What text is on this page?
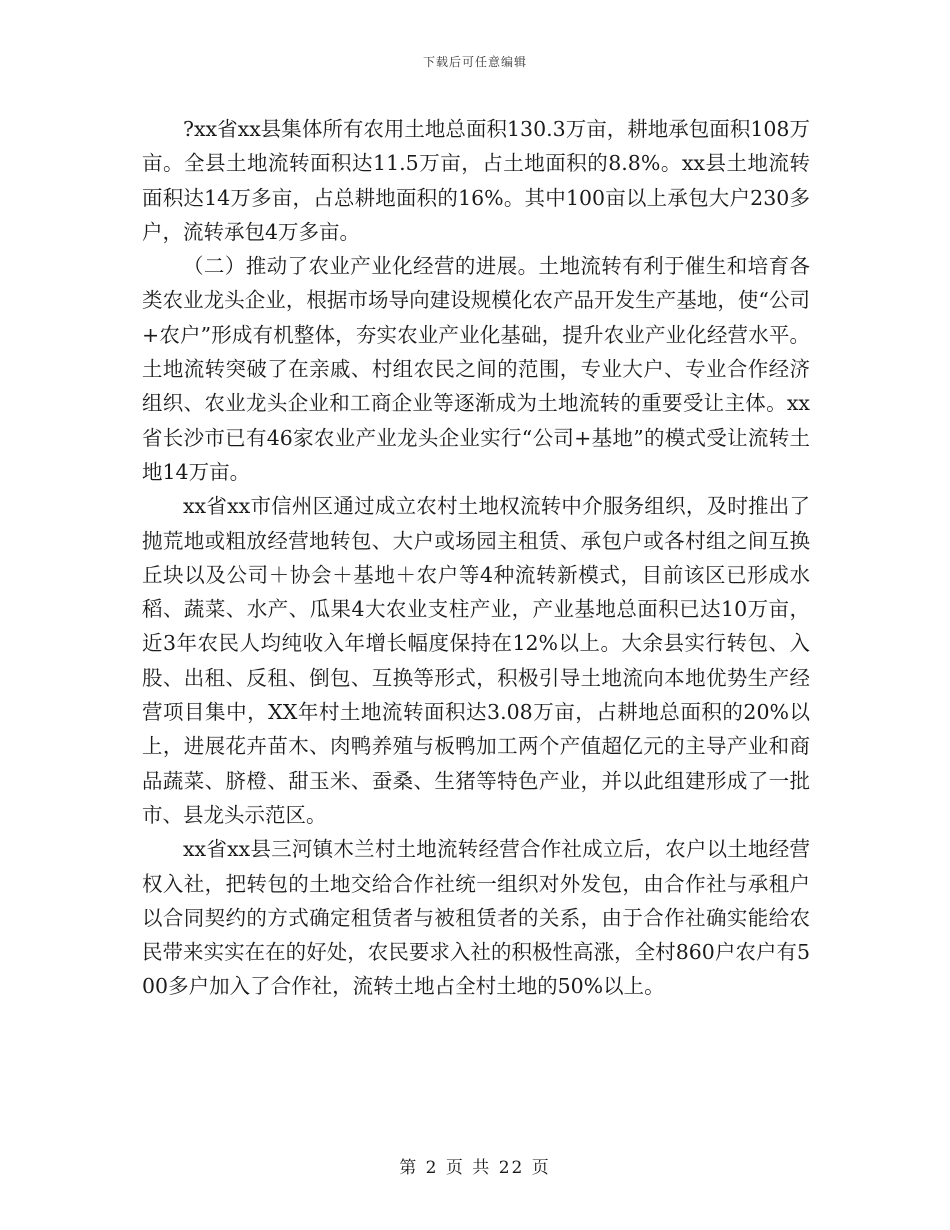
下载后可任意编辑

?xx省xx县集体所有农用土地总面积130.3万亩，耕地承包面积108万亩。全县土地流转面积达11.5万亩，占土地面积的8.8%。xx县土地流转面积达14万多亩，占总耕地面积的16%。其中100亩以上承包大户230多户，流转承包4万多亩。

（二）推动了农业产业化经营的进展。土地流转有利于催生和培育各类农业龙头企业，根据市场导向建设规模化农产品开发生产基地，使“公司+农户”形成有机整体，夯实农业产业化基础，提升农业产业化经营水平。土地流转突破了在亲戚、村组农民之间的范围，专业大户、专业合作经济组织、农业龙头企业和工商企业等逐渐成为土地流转的重要受让主体。xx省长沙市已有46家农业产业龙头企业实行“公司+基地”的模式受让流转土地14万亩。

xx省xx市信州区通过成立农村土地权流转中介服务组织，及时推出了抛荒地或粗放经营地转包、大户或场园主租赁、承包户或各村组之间互换丘块以及公司＋协会＋基地＋农户等4种流转新模式，目前该区已形成水稻、蔬菜、水产、瓜果4大农业支柱产业，产业基地总面积已达10万亩，近3年农民人均纯收入年增长幅度保持在12%以上。大余县实行转包、入股、出租、反租、倒包、互换等形式，积极引导土地流向本地优势生产经营项目集中，XX年村土地流转面积达3.08万亩，占耕地总面积的20%以上，进展花卉苗木、肉鸭养殖与板鸭加工两个产值超亿元的主导产业和商品蔬菜、脐橙、甜玉米、蚕桑、生猪等特色产业，并以此组建形成了一批市、县龙头示范区。

xx省xx县三河镇木兰村土地流转经营合作社成立后，农户以土地经营权入社，把转包的土地交给合作社统一组织对外发包，由合作社与承租户以合同契约的方式确定租赁者与被租赁者的关系，由于合作社确实能给农民带来实实在在的好处，农民要求入社的积极性高涨，全村860户农户有500多户加入了合作社，流转土地占全村土地的50%以上。

第 2 页 共 22 页
